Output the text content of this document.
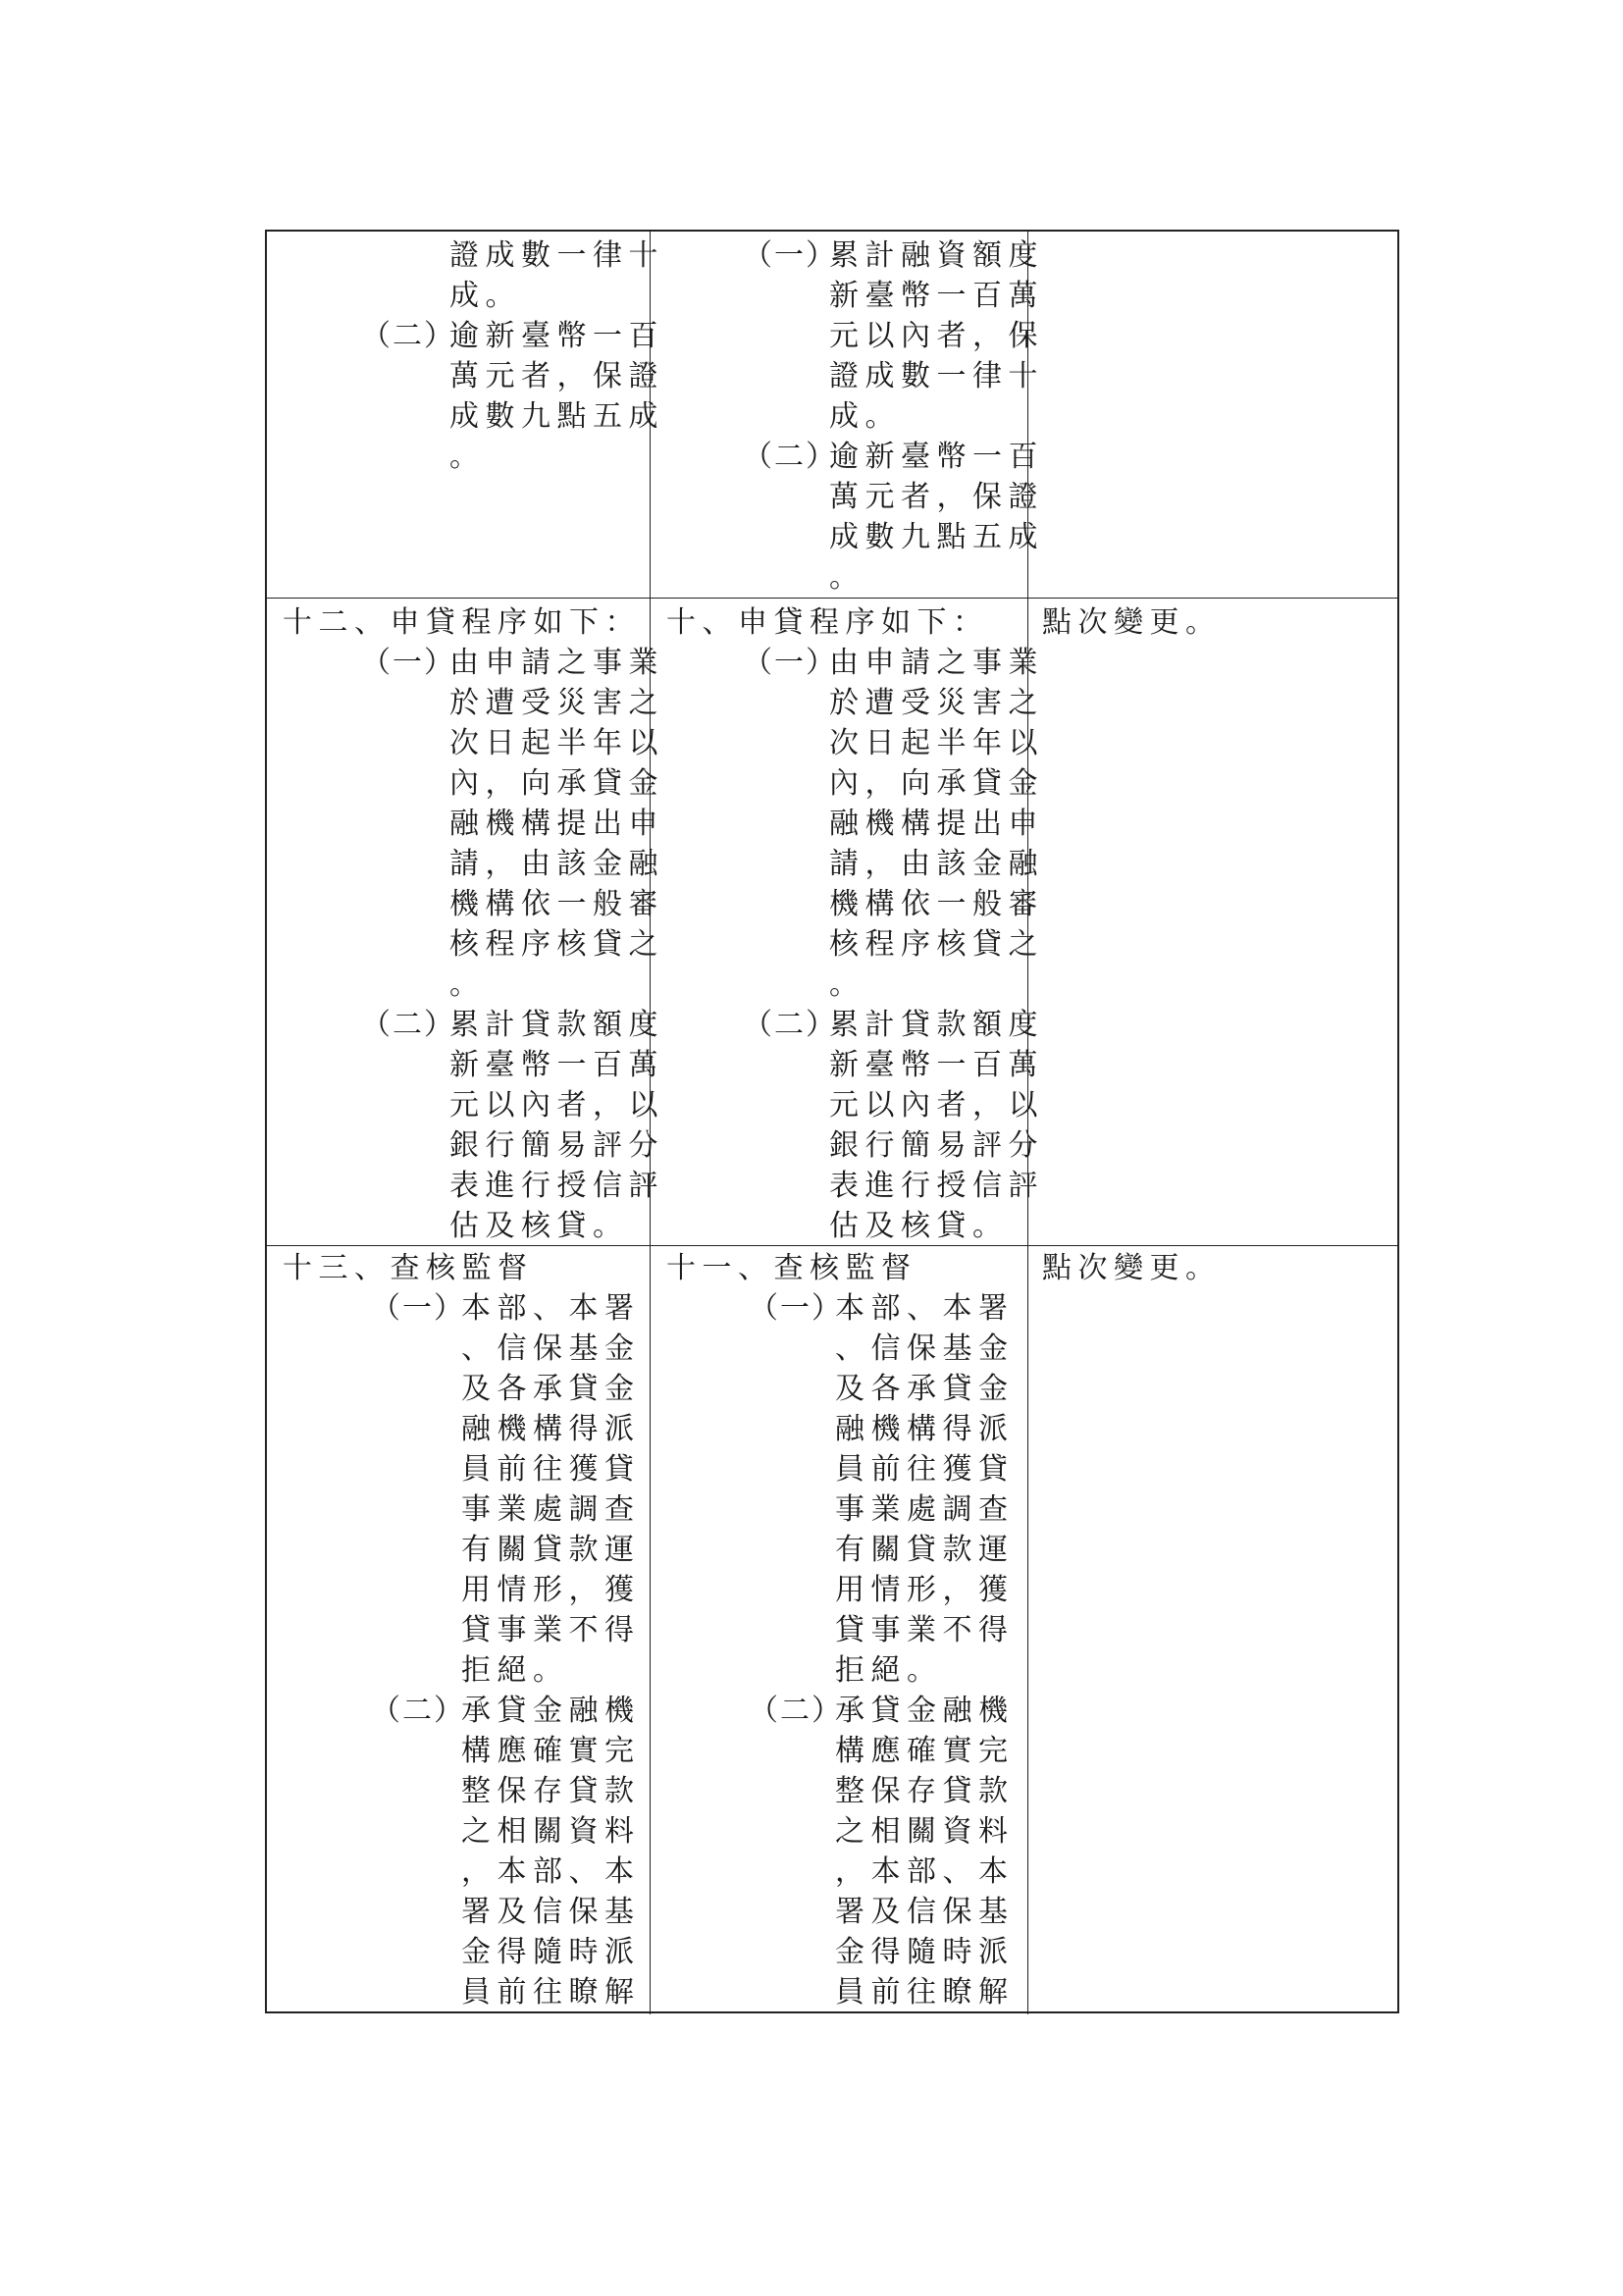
證成數一律十
成。
（二）
逾新臺幣一百
萬元者，保證
成數九點五成
。
（一）
累計融資額度
新臺幣一百萬
元以內者，保
證成數一律十
成。
（二）
逾新臺幣一百
萬元者，保證
成數九點五成
。
十二、申貸程序如下：
（一）
由申請之事業
於遭受災害之
次日起半年以
內，向承貸金
融機構提出申
請，由該金融
機構依一般審
核程序核貸之
。
（二）
累計貸款額度
新臺幣一百萬
元以內者，以
銀行簡易評分
表進行授信評
估及核貸。
十、申貸程序如下：
（一）
由申請之事業
於遭受災害之
次日起半年以
內，向承貸金
融機構提出申
請，由該金融
機構依一般審
核程序核貸之
。
（二）
累計貸款額度
新臺幣一百萬
元以內者，以
銀行簡易評分
表進行授信評
估及核貸。
點次變更。
十三、查核監督
（一）
本部、本署
、信保基金
及各承貸金
融機構得派
員前往獲貸
事業處調查
有關貸款運
用情形，獲
貸事業不得
拒絕。
（二）
承貸金融機
構應確實完
整保存貸款
之相關資料
，本部、本
署及信保基
金得隨時派
員前往瞭解
十一、查核監督
（一）
本部、本署
、信保基金
及各承貸金
融機構得派
員前往獲貸
事業處調查
有關貸款運
用情形，獲
貸事業不得
拒絕。
（二）
承貸金融機
構應確實完
整保存貸款
之相關資料
，本部、本
署及信保基
金得隨時派
員前往瞭解
點次變更。
